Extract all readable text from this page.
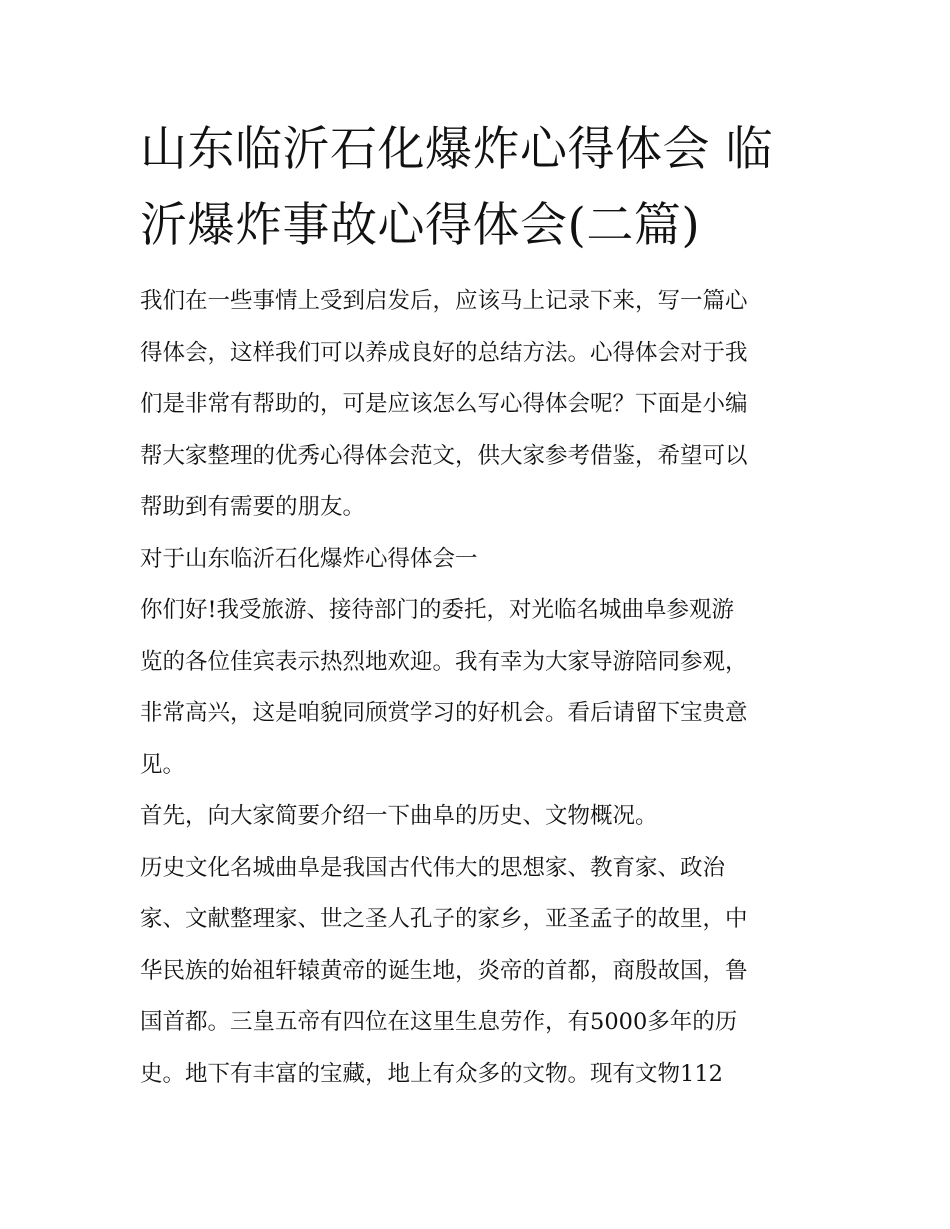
山东临沂石化爆炸心得体会 临
沂爆炸事故心得体会(二篇)
我们在一些事情上受到启发后，应该马上记录下来，写一篇心
得体会，这样我们可以养成良好的总结方法。心得体会对于我
们是非常有帮助的，可是应该怎么写心得体会呢？下面是小编
帮大家整理的优秀心得体会范文，供大家参考借鉴，希望可以
帮助到有需要的朋友。
对于山东临沂石化爆炸心得体会一
你们好!我受旅游、接待部门的委托，对光临名城曲阜参观游
览的各位佳宾表示热烈地欢迎。我有幸为大家导游陪同参观，
非常高兴，这是咱貌同颀赏学习的好机会。看后请留下宝贵意
见。
首先，向大家简要介绍一下曲阜的历史、文物概况。
历史文化名城曲阜是我国古代伟大的思想家、教育家、政治
家、文献整理家、世之圣人孔子的家乡，亚圣孟子的故里，中
华民族的始祖轩辕黄帝的诞生地，炎帝的首都，商殷故国，鲁
国首都。三皇五帝有四位在这里生息劳作，有5000多年的历
史。地下有丰富的宝藏，地上有众多的文物。现有文物112
